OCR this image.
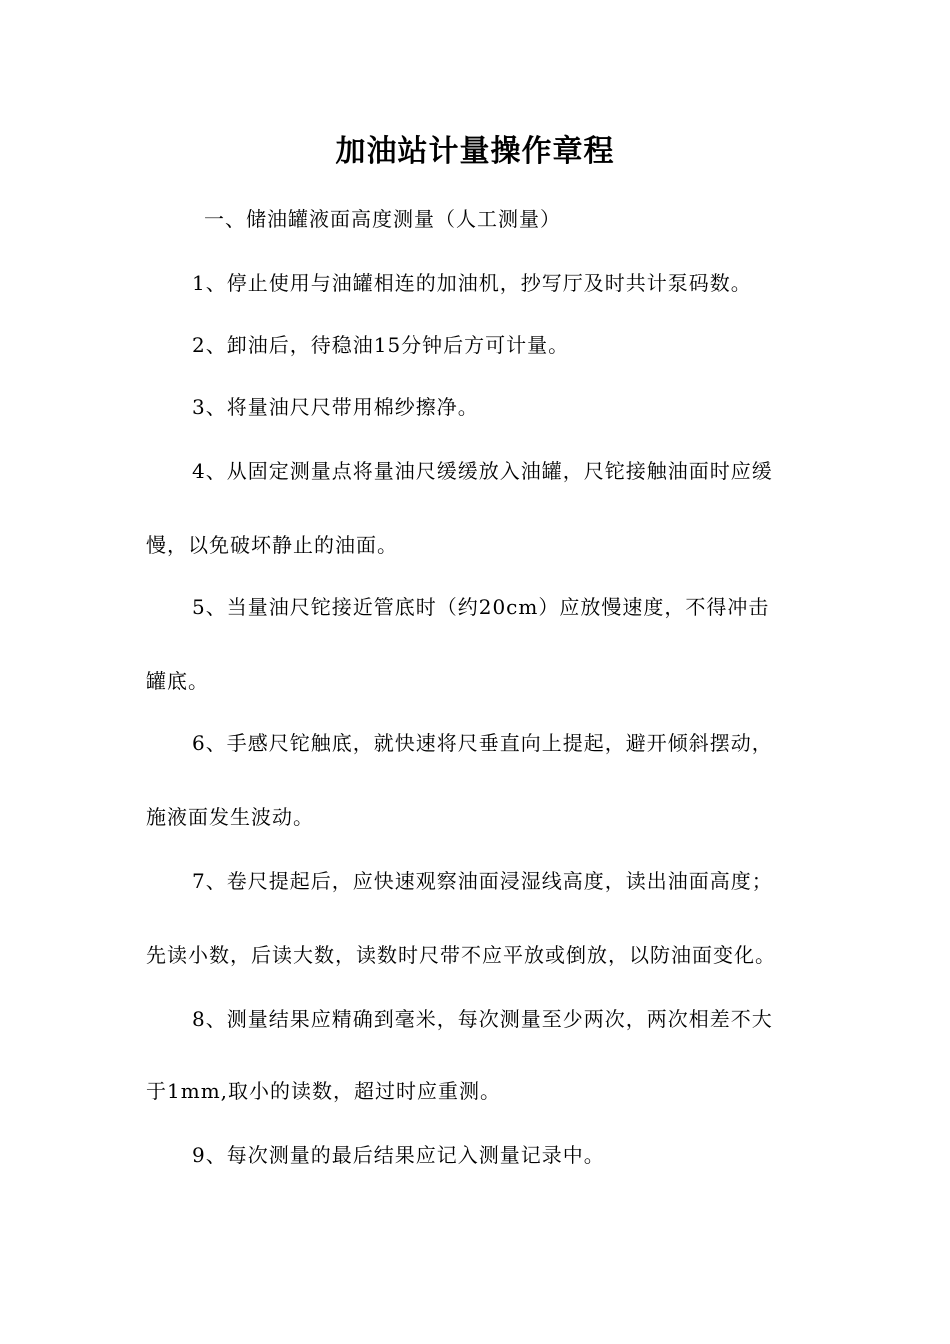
加油站计量操作章程

一、储油罐液面高度测量（人工测量）

1、停止使用与油罐相连的加油机，抄写厅及时共计泵码数。

2、卸油后，待稳油15分钟后方可计量。

3、将量油尺尺带用棉纱擦净。

4、从固定测量点将量油尺缓缓放入油罐，尺铊接触油面时应缓

慢，以免破坏静止的油面。

5、当量油尺铊接近管底时（约20cm）应放慢速度，不得冲击

罐底。

6、手感尺铊触底，就快速将尺垂直向上提起，避开倾斜摆动，

施液面发生波动。

7、卷尺提起后，应快速观察油面浸湿线高度，读出油面高度；

先读小数，后读大数，读数时尺带不应平放或倒放，以防油面变化。

8、测量结果应精确到毫米，每次测量至少两次，两次相差不大

于1mm,取小的读数，超过时应重测。

9、每次测量的最后结果应记入测量记录中。
